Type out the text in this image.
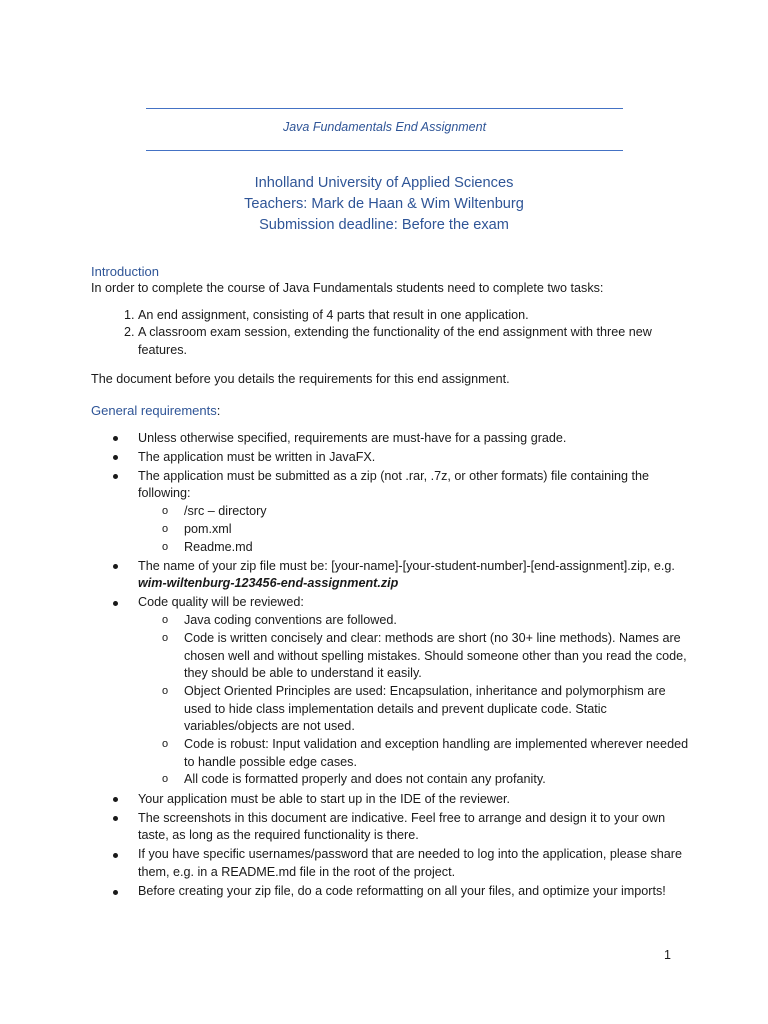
Java Fundamentals End Assignment
Inholland University of Applied Sciences
Teachers: Mark de Haan & Wim Wiltenburg
Submission deadline: Before the exam
Introduction

In order to complete the course of Java Fundamentals students need to complete two tasks:

1. An end assignment, consisting of 4 parts that result in one application.
2. A classroom exam session, extending the functionality of the end assignment with three new features.

The document before you details the requirements for this end assignment.

General requirements:
Unless otherwise specified, requirements are must-have for a passing grade.
The application must be written in JavaFX.
The application must be submitted as a zip (not .rar, .7z, or other formats) file containing the following:
o /src – directory
o pom.xml
o Readme.md
The name of your zip file must be: [your-name]-[your-student-number]-[end-assignment].zip, e.g. wim-wiltenburg-123456-end-assignment.zip
Code quality will be reviewed:
o Java coding conventions are followed.
o Code is written concisely and clear: methods are short (no 30+ line methods). Names are chosen well and without spelling mistakes. Should someone other than you read the code, they should be able to understand it easily.
o Object Oriented Principles are used: Encapsulation, inheritance and polymorphism are used to hide class implementation details and prevent duplicate code. Static variables/objects are not used.
o Code is robust: Input validation and exception handling are implemented wherever needed to handle possible edge cases.
o All code is formatted properly and does not contain any profanity.
Your application must be able to start up in the IDE of the reviewer.
The screenshots in this document are indicative. Feel free to arrange and design it to your own taste, as long as the required functionality is there.
If you have specific usernames/password that are needed to log into the application, please share them, e.g. in a README.md file in the root of the project.
Before creating your zip file, do a code reformatting on all your files, and optimize your imports!
1
